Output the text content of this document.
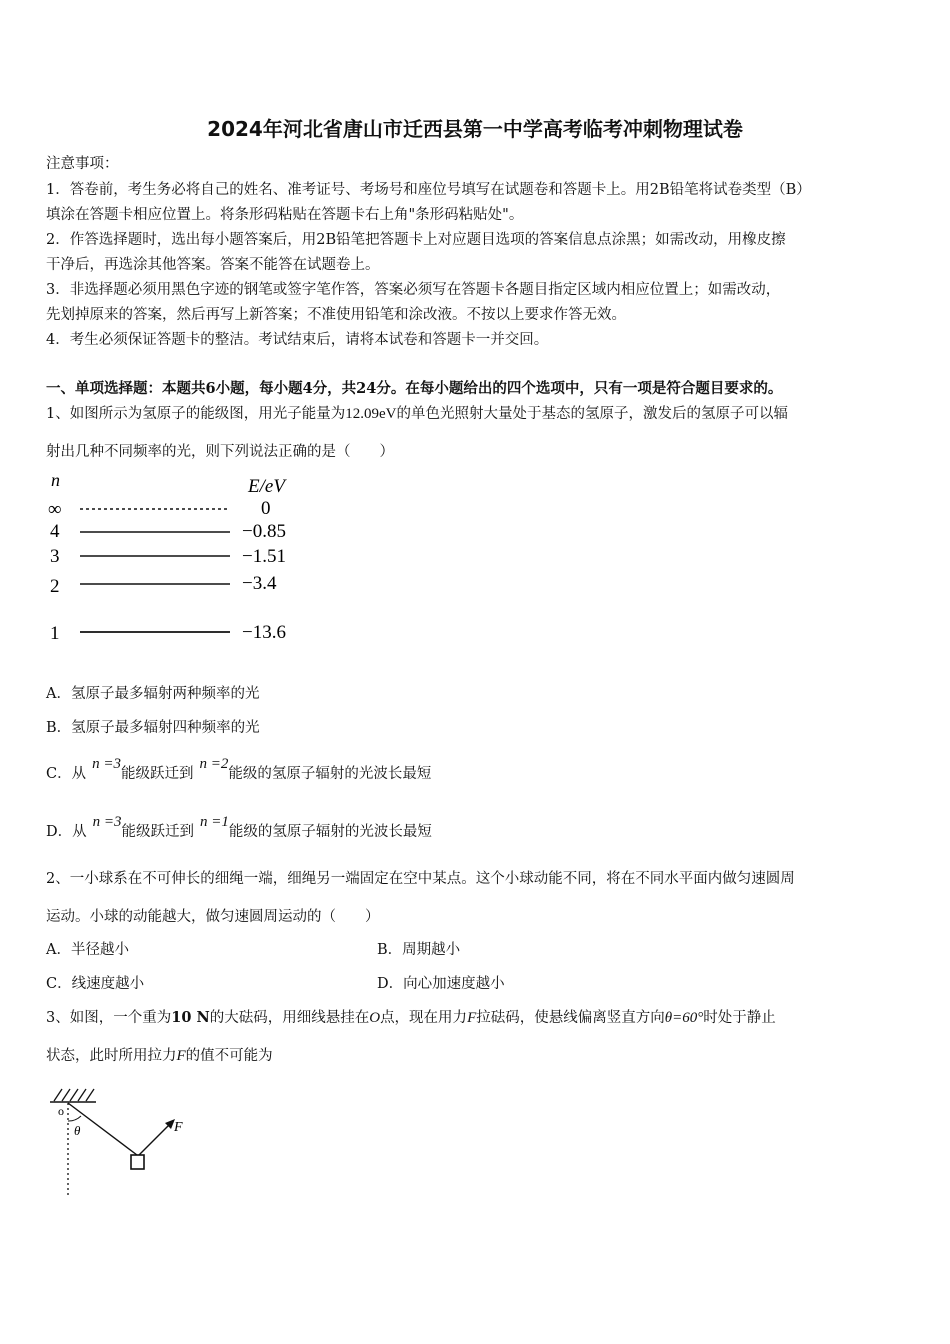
2024年河北省唐山市迁西县第一中学高考临考冲刺物理试卷
注意事项：
1．答卷前，考生务必将自己的姓名、准考证号、考场号和座位号填写在试题卷和答题卡上。用2B铅笔将试卷类型（B）
填涂在答题卡相应位置上。将条形码粘贴在答题卡右上角"条形码粘贴处"。
2．作答选择题时，选出每小题答案后，用2B铅笔把答题卡上对应题目选项的答案信息点涂黑；如需改动，用橡皮擦
干净后，再选涂其他答案。答案不能答在试题卷上。
3．非选择题必须用黑色字迹的钢笔或签字笔作答，答案必须写在答题卡各题目指定区域内相应位置上；如需改动，
先划掉原来的答案，然后再写上新答案；不准使用铅笔和涂改液。不按以上要求作答无效。
4．考生必须保证答题卡的整洁。考试结束后，请将本试卷和答题卡一并交回。
一、单项选择题：本题共6小题，每小题4分，共24分。在每小题给出的四个选项中，只有一项是符合题目要求的。
1、如图所示为氢原子的能级图，用光子能量为12.09eV的单色光照射大量处于基态的氢原子，激发后的氢原子可以辐
射出几种不同频率的光，则下列说法正确的是（　　）
n	E/eV
∞	0
4	−0.85
3	−1.51
2	−3.4
1	−13.6
A．氢原子最多辐射两种频率的光
B．氢原子最多辐射四种频率的光
C．从n =3能级跃迁到n =2能级的氢原子辐射的光波长最短
D．从n =3能级跃迁到n =1能级的氢原子辐射的光波长最短
2、一小球系在不可伸长的细绳一端，细绳另一端固定在空中某点。这个小球动能不同，将在不同水平面内做匀速圆周
运动。小球的动能越大，做匀速圆周运动的（　　）
A．半径越小	B．周期越小
C．线速度越小	D．向心加速度越小
3、如图，一个重为10 N的大砝码，用细线悬挂在O点，现在用力F拉砝码，使悬线偏离竖直方向θ=60°时处于静止
状态，此时所用拉力F的值不可能为
o
θ	F
